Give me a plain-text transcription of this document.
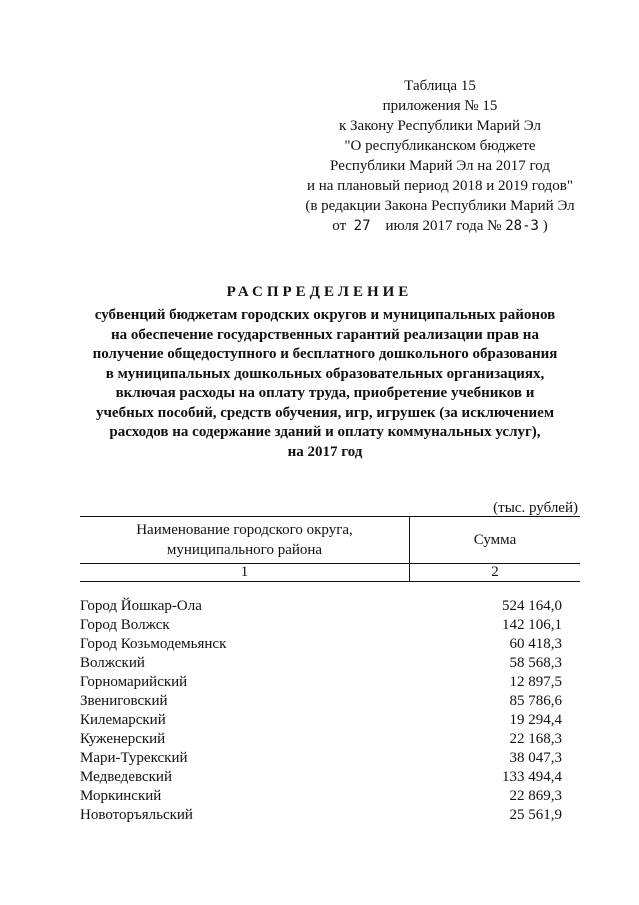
Таблица 15
приложения № 15
к Закону Республики Марий Эл
"О республиканском бюджете
Республики Марий Эл на 2017 год
и на плановый период 2018 и 2019 годов"
(в редакции Закона Республики Марий Эл
от 27 июля 2017 года № 28-З )
РАСПРЕДЕЛЕНИЕ
субвенций бюджетам городских округов и муниципальных районов
на обеспечение государственных гарантий реализации прав на
получение общедоступного и бесплатного дошкольного образования
в муниципальных дошкольных образовательных организациях,
включая расходы на оплату труда, приобретение учебников и
учебных пособий, средств обучения, игр, игрушек (за исключением
расходов на содержание зданий и оплату коммунальных услуг),
на 2017 год
(тыс. рублей)
Наименование городского округа,
муниципального района	Сумма
1	2
Город Йошкар-Ола	524 164,0
Город Волжск	142 106,1
Город Козьмодемьянск	60 418,3
Волжский	58 568,3
Горномарийский	12 897,5
Звениговский	85 786,6
Килемарский	19 294,4
Куженерский	22 168,3
Мари-Турекский	38 047,3
Медведевский	133 494,4
Моркинский	22 869,3
Новоторъяльский	25 561,9
